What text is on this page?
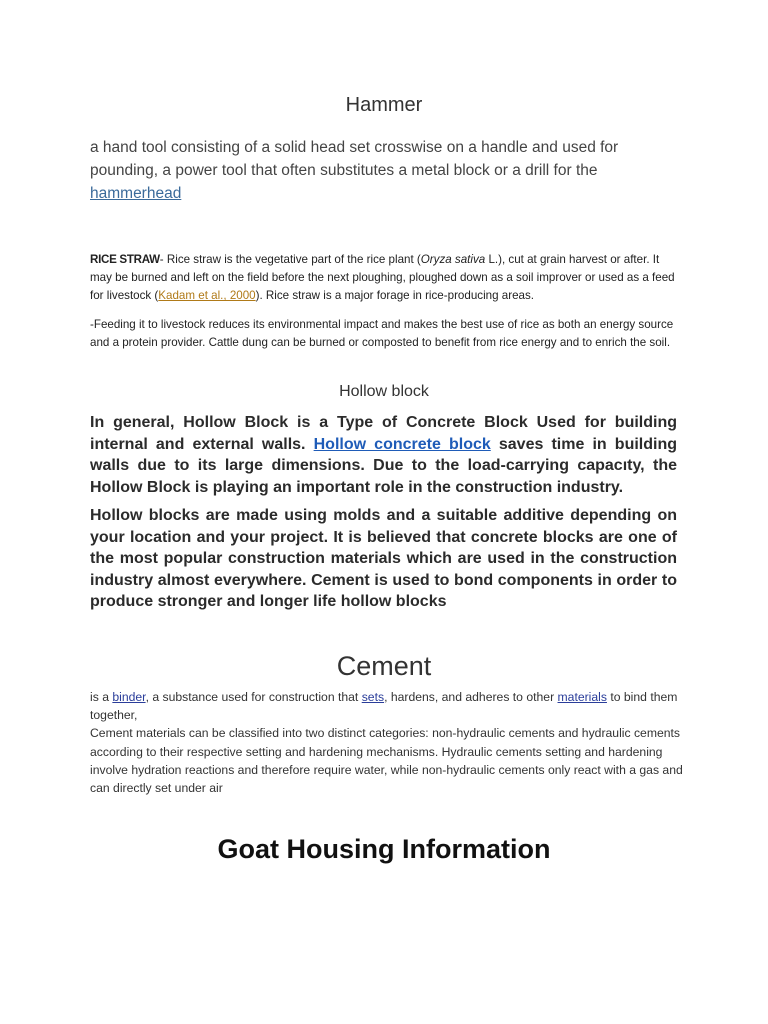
Hammer

a hand tool consisting of a solid head set crosswise on a handle and used for pounding, a power tool that often substitutes a metal block or a drill for the hammerhead

RICE STRAW- Rice straw is the vegetative part of the rice plant (Oryza sativa L.), cut at grain harvest or after. It may be burned and left on the field before the next ploughing, ploughed down as a soil improver or used as a feed for livestock (Kadam et al., 2000). Rice straw is a major forage in rice-producing areas.

-Feeding it to livestock reduces its environmental impact and makes the best use of rice as both an energy source and a protein provider. Cattle dung can be burned or composted to benefit from rice energy and to enrich the soil.

Hollow block

In general, Hollow Block is a Type of Concrete Block Used for building internal and external walls. Hollow concrete block saves time in building walls due to its large dimensions. Due to the load-carrying capacıty, the Hollow Block is playing an important role in the construction industry.

Hollow blocks are made using molds and a suitable additive depending on your location and your project. It is believed that concrete blocks are one of the most popular construction materials which are used in the construction industry almost everywhere. Cement is used to bond components in order to produce stronger and longer life hollow blocks

Cement

is a binder, a substance used for construction that sets, hardens, and adheres to other materials to bind them together,
Cement materials can be classified into two distinct categories: non-hydraulic cements and hydraulic cements according to their respective setting and hardening mechanisms. Hydraulic cements setting and hardening involve hydration reactions and therefore require water, while non-hydraulic cements only react with a gas and can directly set under air

Goat Housing Information
